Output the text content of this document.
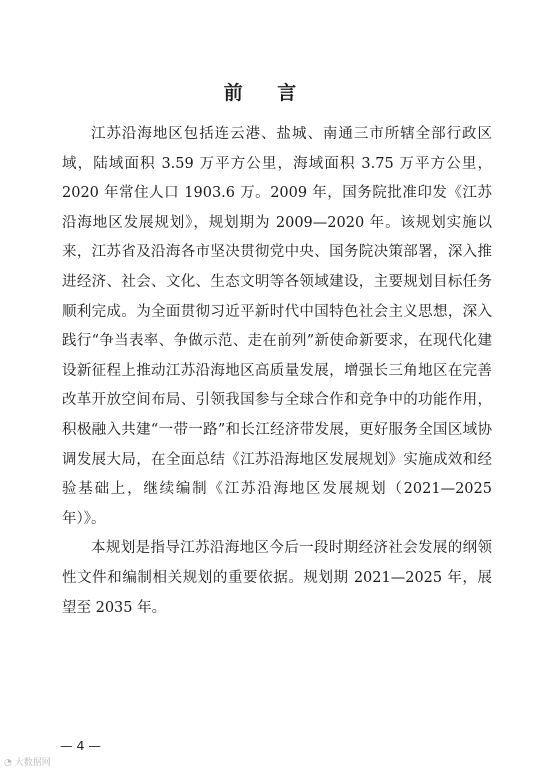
前 言

江苏沿海地区包括连云港、盐城、南通三市所辖全部行政区域，陆域面积 3.59 万平方公里，海域面积 3.75 万平方公里，2020 年常住人口 1903.6 万。2009 年，国务院批准印发《江苏沿海地区发展规划》，规划期为 2009—2020 年。该规划实施以来，江苏省及沿海各市坚决贯彻党中央、国务院决策部署，深入推进经济、社会、文化、生态文明等各领域建设，主要规划目标任务顺利完成。为全面贯彻习近平新时代中国特色社会主义思想，深入践行“争当表率、争做示范、走在前列”新使命新要求，在现代化建设新征程上推动江苏沿海地区高质量发展，增强长三角地区在完善改革开放空间布局、引领我国参与全球合作和竞争中的功能作用，积极融入共建“一带一路”和长江经济带发展，更好服务全国区域协调发展大局，在全面总结《江苏沿海地区发展规划》实施成效和经验基础上，继续编制《江苏沿海地区发展规划（2021—2025 年）》。

本规划是指导江苏沿海地区今后一段时期经济社会发展的纲领性文件和编制相关规划的重要依据。规划期 2021—2025 年，展望至 2035 年。

— 4 —
◔ 大数据网
